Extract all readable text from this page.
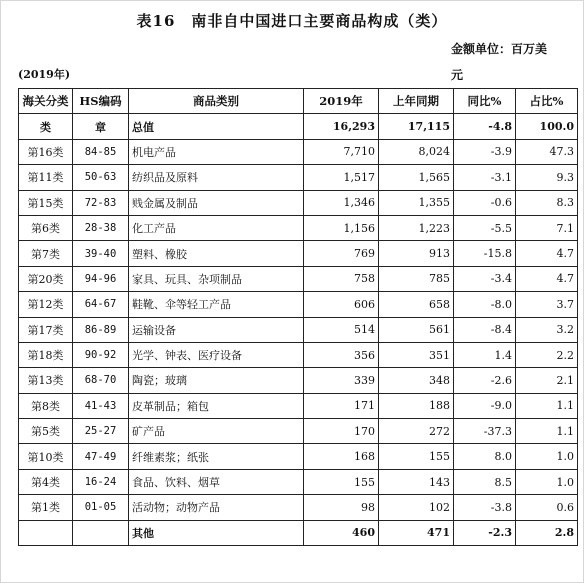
表16　南非自中国进口主要商品构成（类）
金额单位：百万美
元
(2019年)
海关分类	HS编码	商品类别	2019年	上年同期	同比%	占比%
类	章	总值	16,293	17,115	-4.8	100.0
第16类	84-85	机电产品	7,710	8,024	-3.9	47.3
第11类	50-63	纺织品及原料	1,517	1,565	-3.1	9.3
第15类	72-83	贱金属及制品	1,346	1,355	-0.6	8.3
第6类	28-38	化工产品	1,156	1,223	-5.5	7.1
第7类	39-40	塑料、橡胶	769	913	-15.8	4.7
第20类	94-96	家具、玩具、杂项制品	758	785	-3.4	4.7
第12类	64-67	鞋靴、伞等轻工产品	606	658	-8.0	3.7
第17类	86-89	运输设备	514	561	-8.4	3.2
第18类	90-92	光学、钟表、医疗设备	356	351	1.4	2.2
第13类	68-70	陶瓷；玻璃	339	348	-2.6	2.1
第8类	41-43	皮革制品；箱包	171	188	-9.0	1.1
第5类	25-27	矿产品	170	272	-37.3	1.1
第10类	47-49	纤维素浆；纸张	168	155	8.0	1.0
第4类	16-24	食品、饮料、烟草	155	143	8.5	1.0
第1类	01-05	活动物；动物产品	98	102	-3.8	0.6
		其他	460	471	-2.3	2.8
